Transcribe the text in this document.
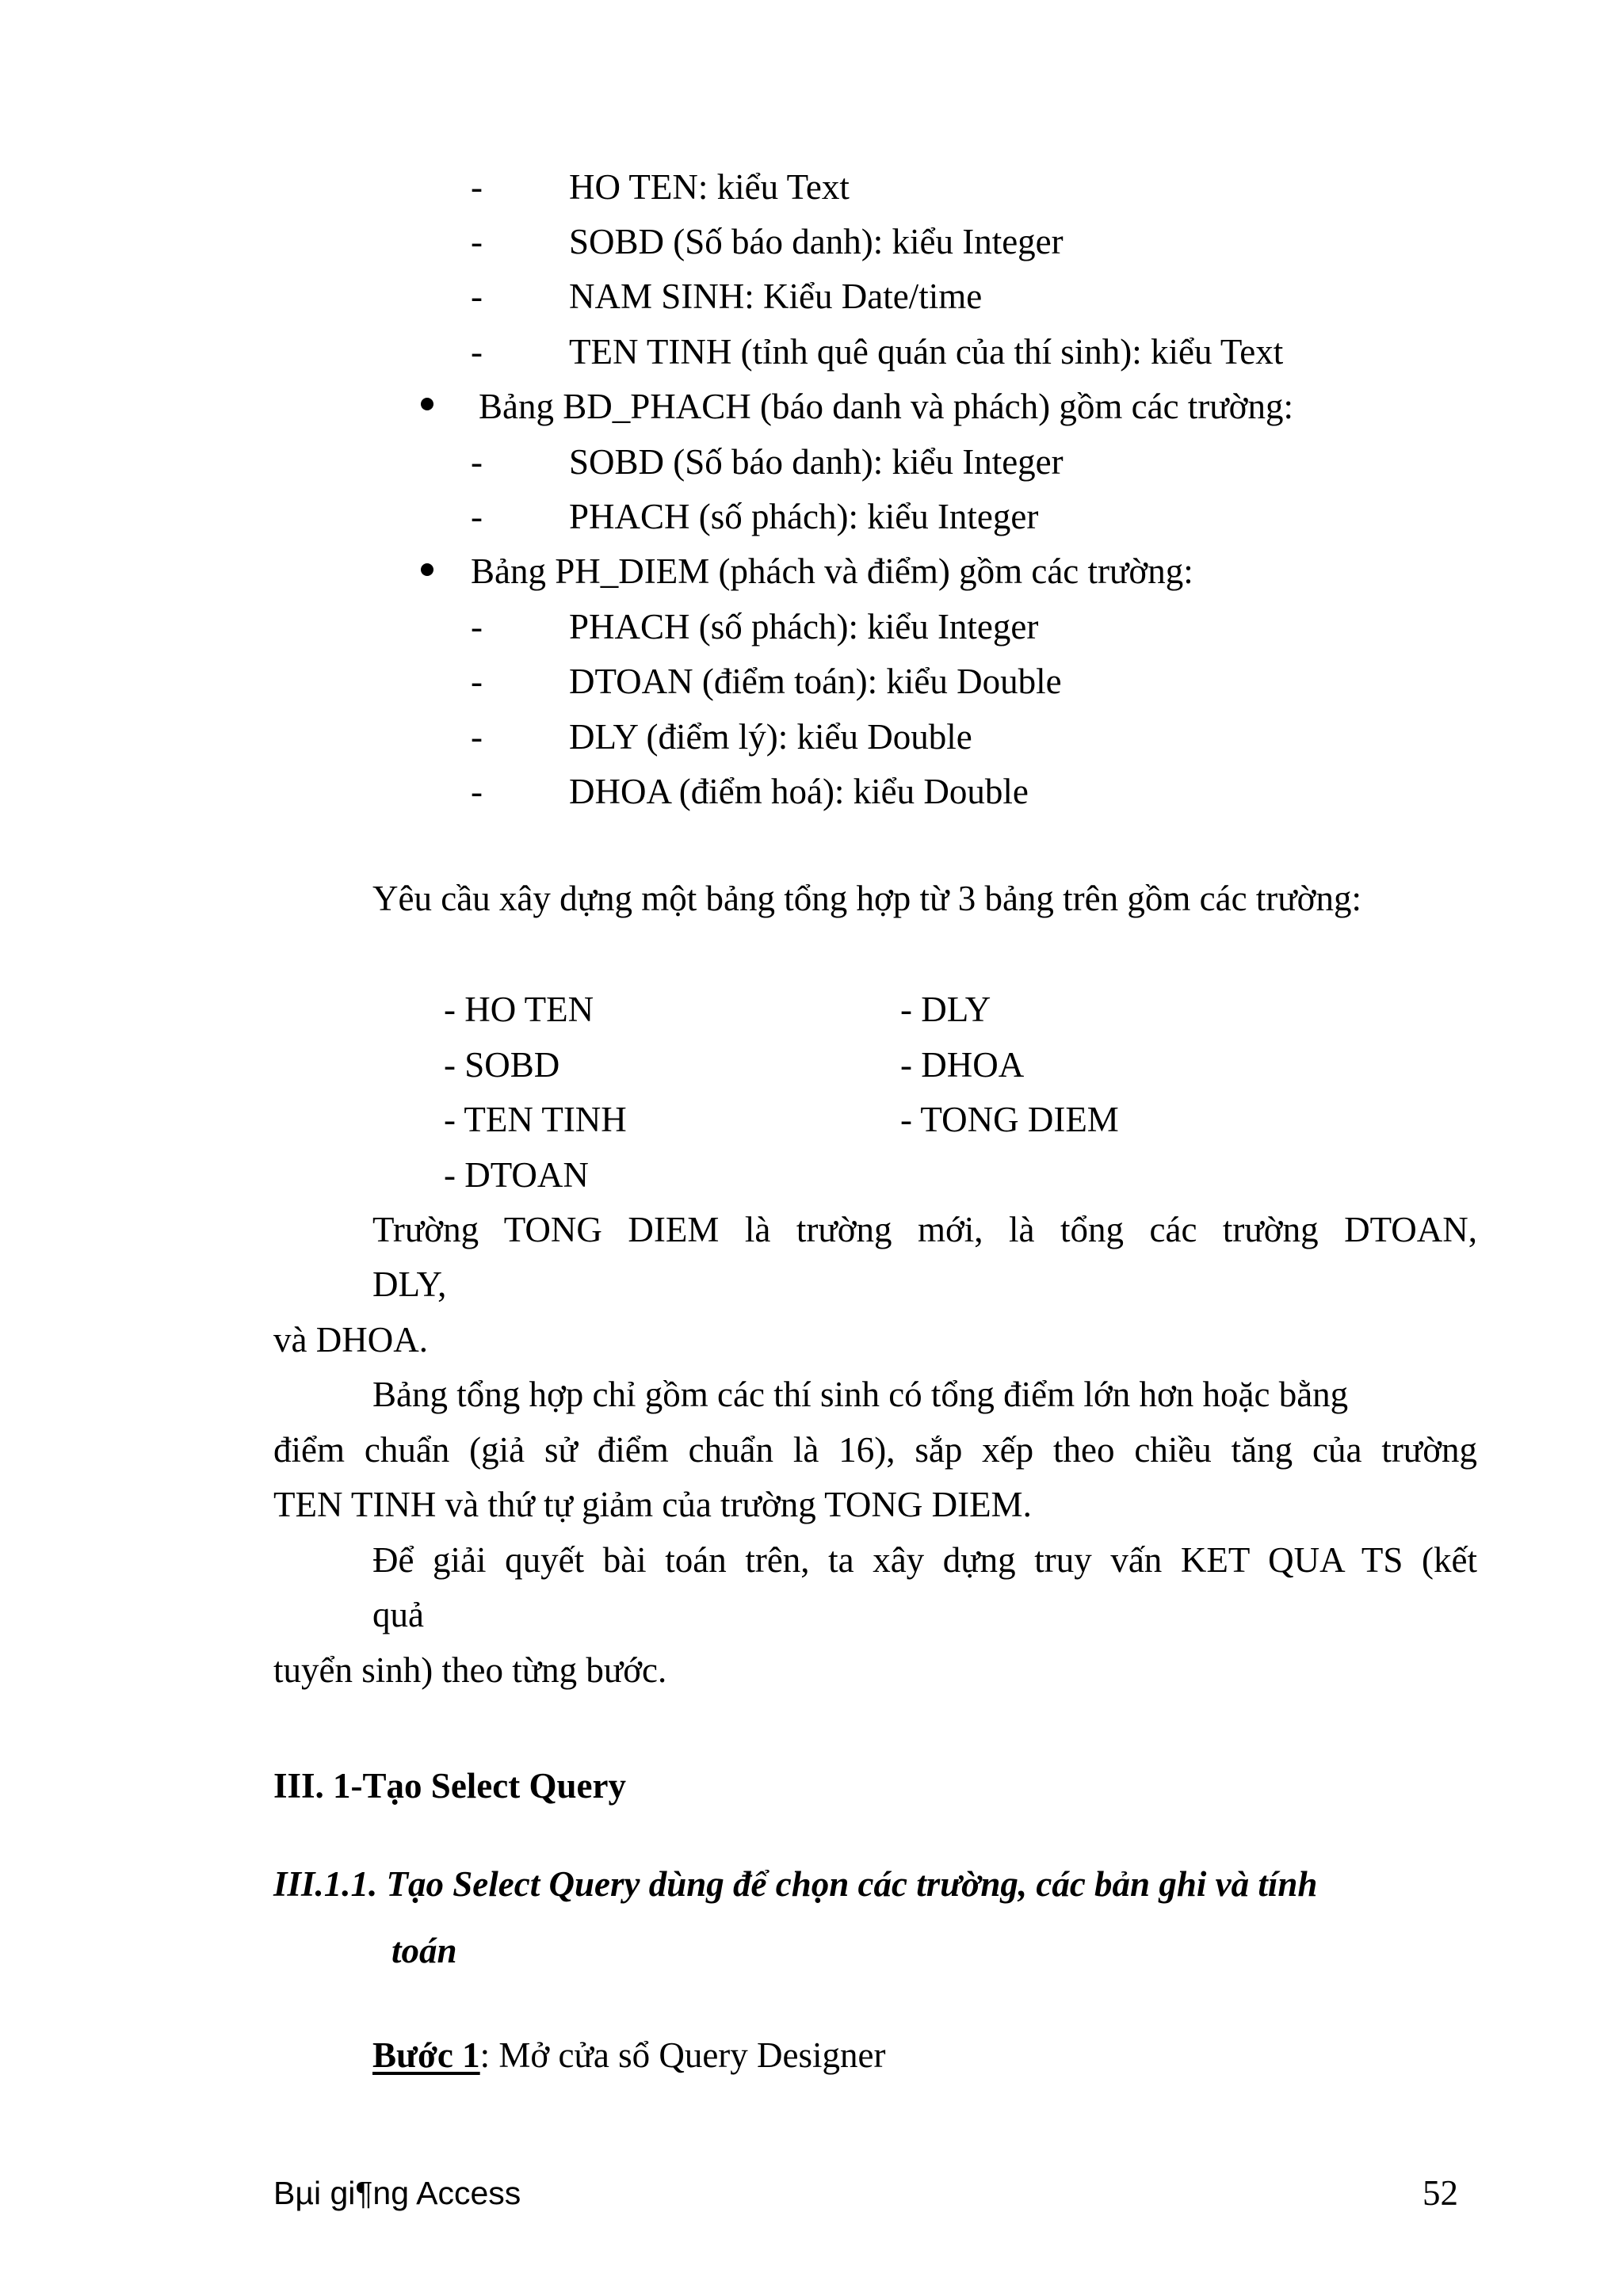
- HO TEN: kiểu Text
- SOBD (Số báo danh): kiểu Integer
- NAM SINH: Kiểu Date/time
- TEN TINH (tỉnh quê quán của thí sinh): kiểu Text
Bảng BD_PHACH (báo danh và phách) gồm các trường:
- SOBD (Số báo danh): kiểu Integer
- PHACH (số phách): kiểu Integer
Bảng PH_DIEM (phách và điểm) gồm các trường:
- PHACH (số phách): kiểu Integer
- DTOAN (điểm toán): kiểu Double
- DLY (điểm lý): kiểu Double
- DHOA (điểm hoá): kiểu Double
Yêu cầu xây dựng một bảng tổng hợp từ 3 bảng trên gồm các trường:
- HO TEN
- SOBD
- TEN TINH
- DTOAN
- DLY
- DHOA
- TONG DIEM
Trường TONG DIEM là trường mới, là tổng các trường DTOAN,
DLY,
và DHOA.
Bảng tổng hợp chỉ gồm các thí sinh có tổng điểm lớn hơn hoặc bằng
điểm chuẩn (giả sử điểm chuẩn là 16), sắp xếp theo chiều tăng của trường
TEN TINH và thứ tự giảm của trường TONG DIEM.
Để giải quyết bài toán trên, ta xây dựng truy vấn KET QUA TS (kết
quả
tuyển sinh) theo từng bước.
III. 1-Tạo Select Query
III.1.1. Tạo Select Query dùng để chọn các trường, các bản ghi và tính
toán
Bước 1: Mở cửa sổ Query Designer
Bµi gi¶ng Access	52
